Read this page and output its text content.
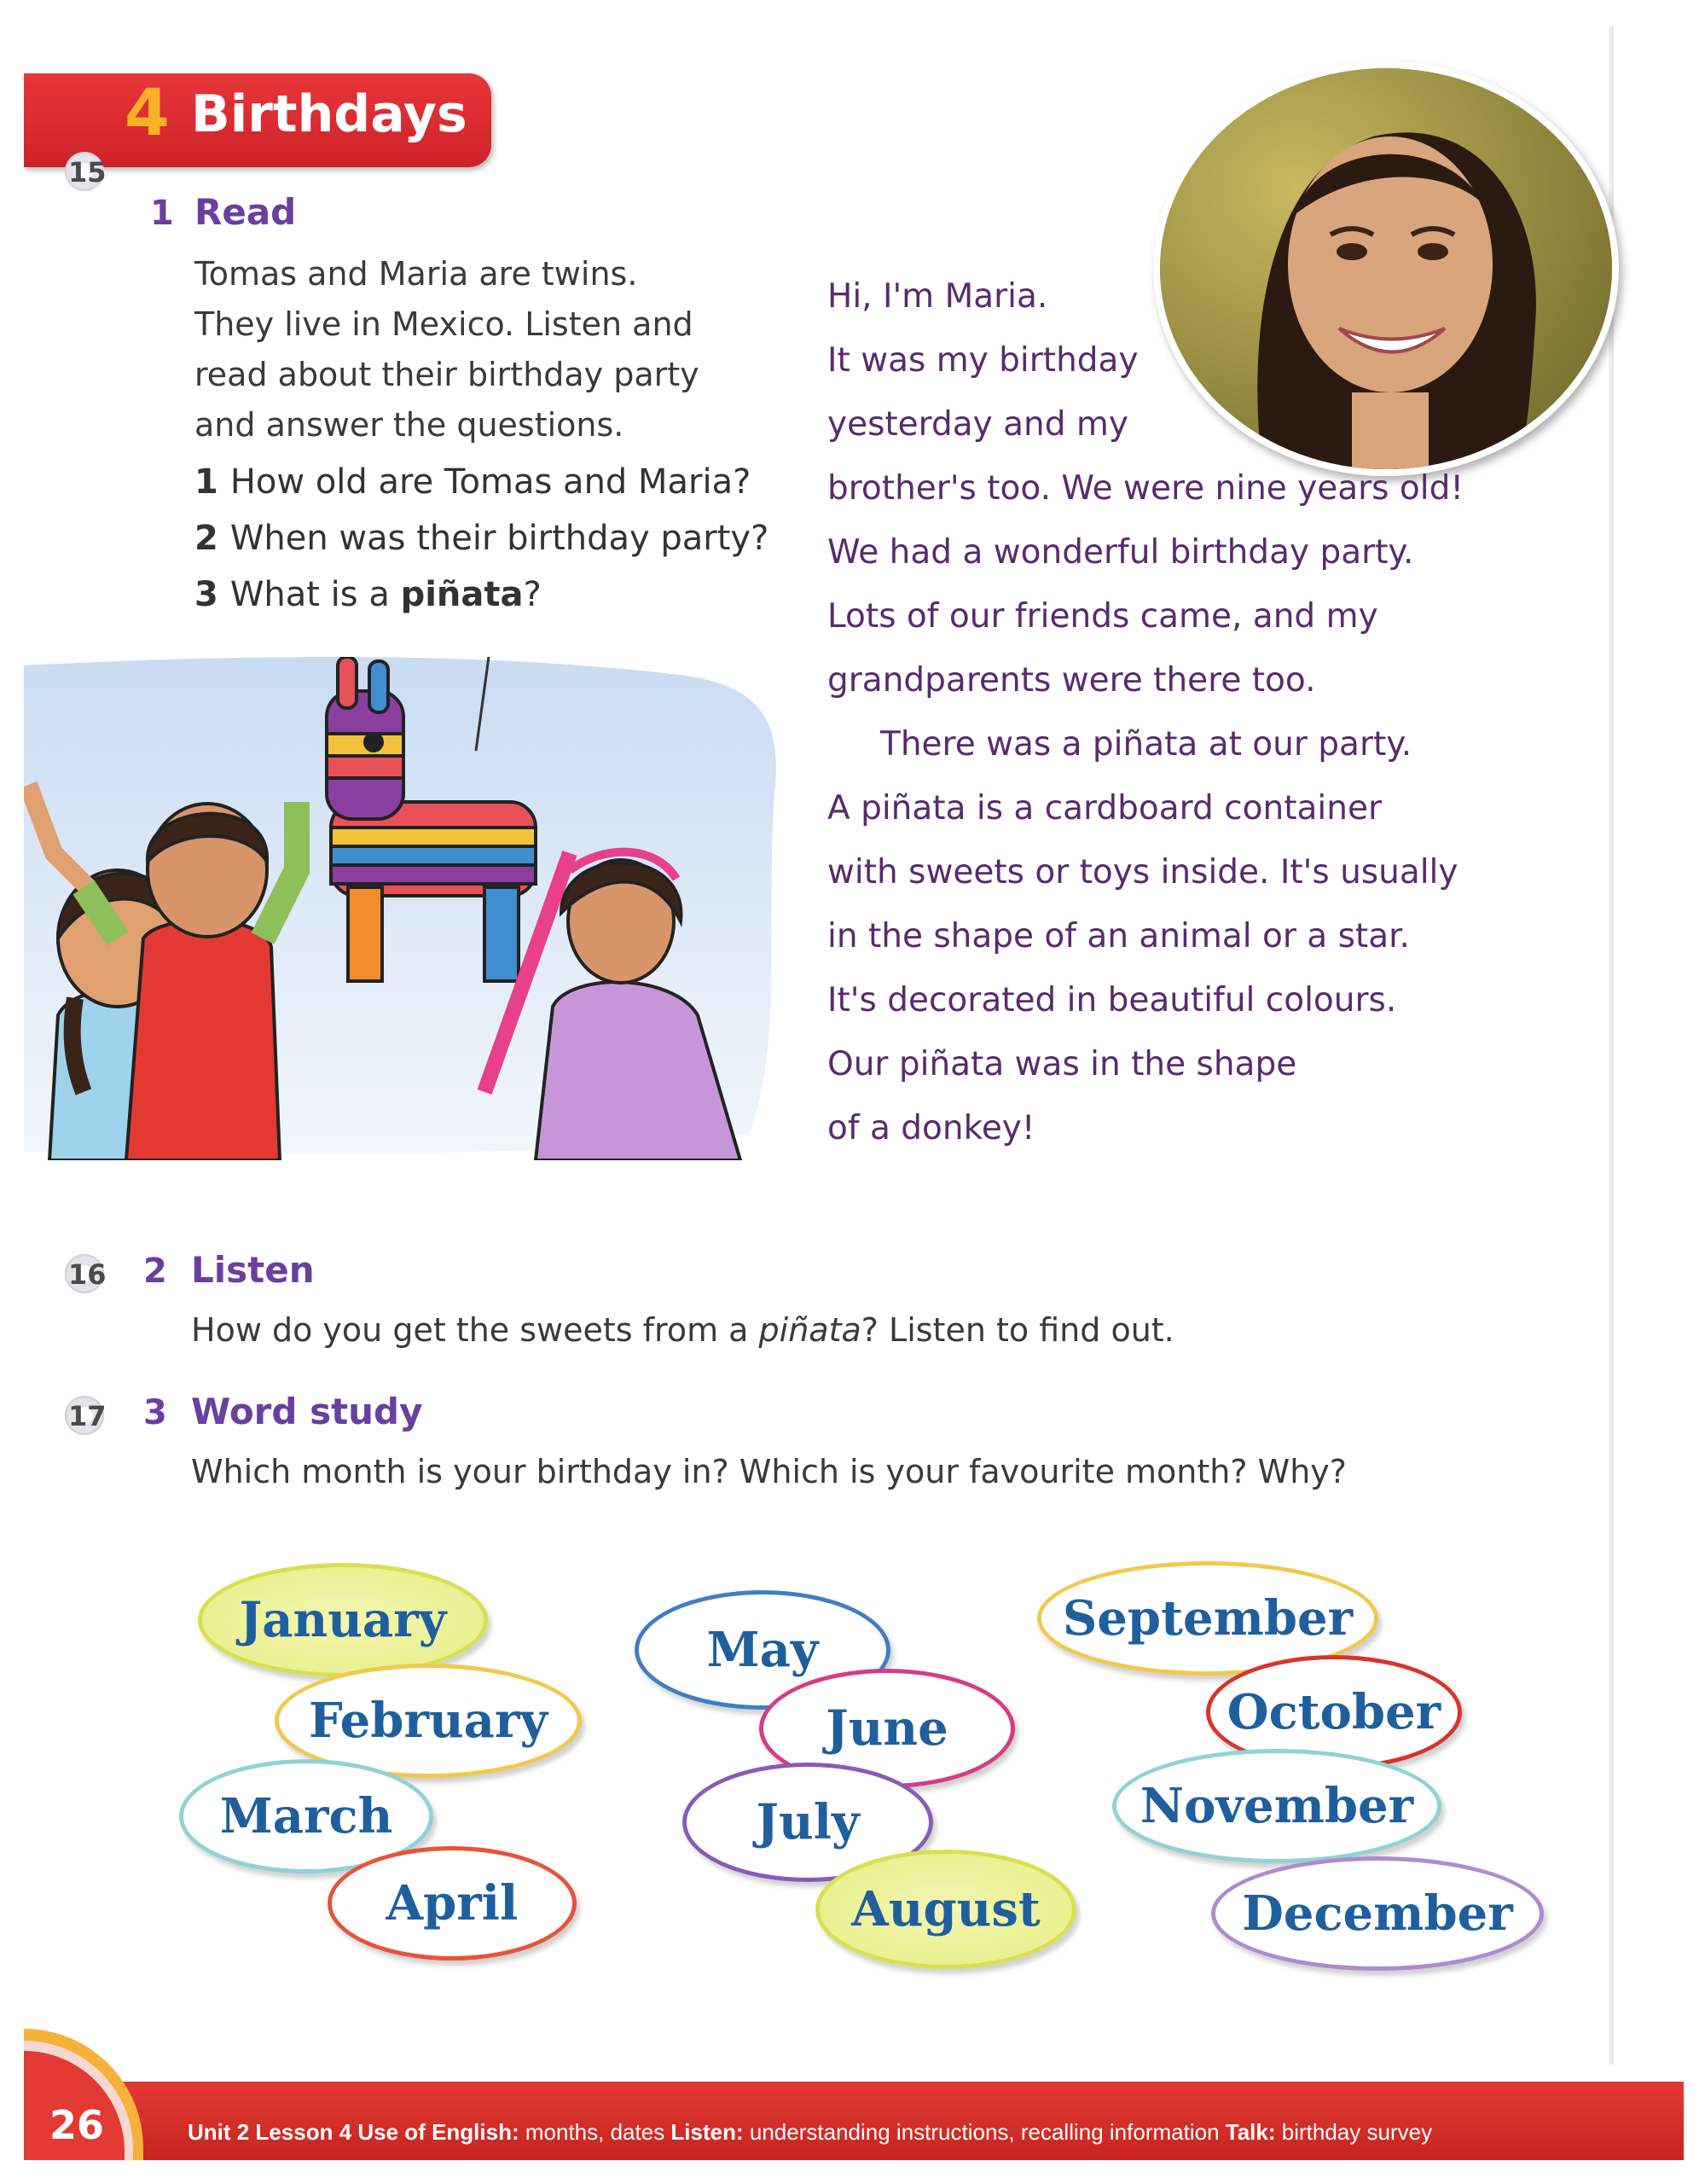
4 Birthdays
15
1 Read

Tomas and Maria are twins.

They live in Mexico. Listen and

read about their birthday party

and answer the questions.

1 How old are Tomas and Maria?
2 When was their birthday party?
3 What is a piñata?

Hi, I'm Maria.

It was my birthday

yesterday and my

brother's too. We were nine years old!

We had a wonderful birthday party.

Lots of our friends came, and my

grandparents were there too.

There was a piñata at our party.

A piñata is a cardboard container

with sweets or toys inside. It's usually

in the shape of an animal or a star.

It's decorated in beautiful colours.

Our piñata was in the shape

of a donkey!

16 2 Listen
How do you get the sweets from a piñata? Listen to find out.
17 3 Word study
Which month is your birthday in? Which is your favourite month? Why?
January
February
March
April
May
June
July
August
September
October
November
December
26	Unit 2 Lesson 4 Use of English: months, dates Listen: understanding instructions, recalling information Talk: birthday survey
